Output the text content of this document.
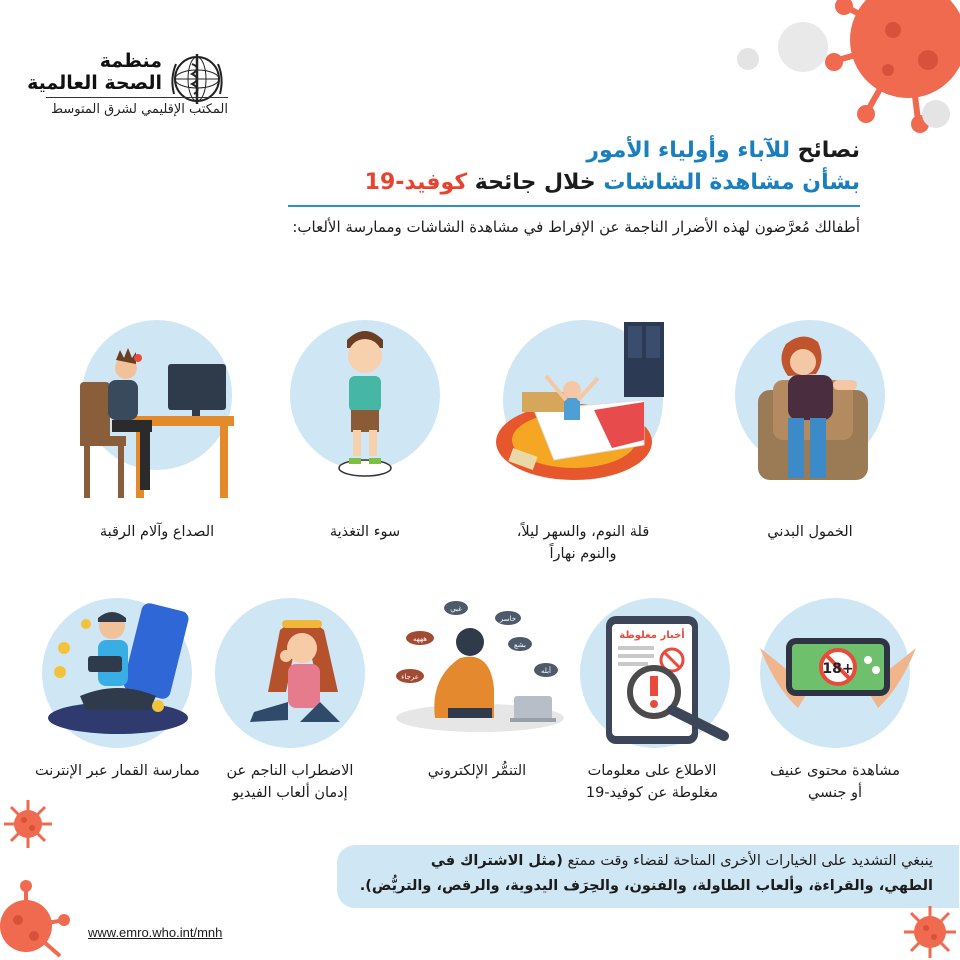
منظمة
الصحة العالمية
المكتب الإقليمي لشرق المتوسط
نصائح للآباء وأولياء الأمور
بشأن مشاهدة الشاشات خلال جائحة كوفيد-19
أطفالك مُعرَّضون لهذه الأضرار الناجمة عن الإفراط في مشاهدة الشاشات وممارسة الألعاب:
الخمول البدني
قلة النوم، والسهر ليلاً،
والنوم نهاراً
سوء التغذية
الصداع وآلام الرقبة
18+
مشاهدة محتوى عنيف
أو جنسي
أخبار مغلوطة
الاطلاع على معلومات
مغلوطة عن كوفيد-19
غبي
خاسر
بشع
أبله
هههه
عرجاء
التنمُّر الإلكتروني
الاضطراب الناجم عن
إدمان ألعاب الفيديو
ممارسة القمار عبر الإنترنت
ينبغي التشديد على الخيارات الأخرى المتاحة لقضاء وقت ممتع (مثل الاشتراك في
الطهي، والقراءة، وألعاب الطاولة، والفنون، والحِرَف اليدوية، والرقص، والتريُّض).
www.emro.who.int/mnh
